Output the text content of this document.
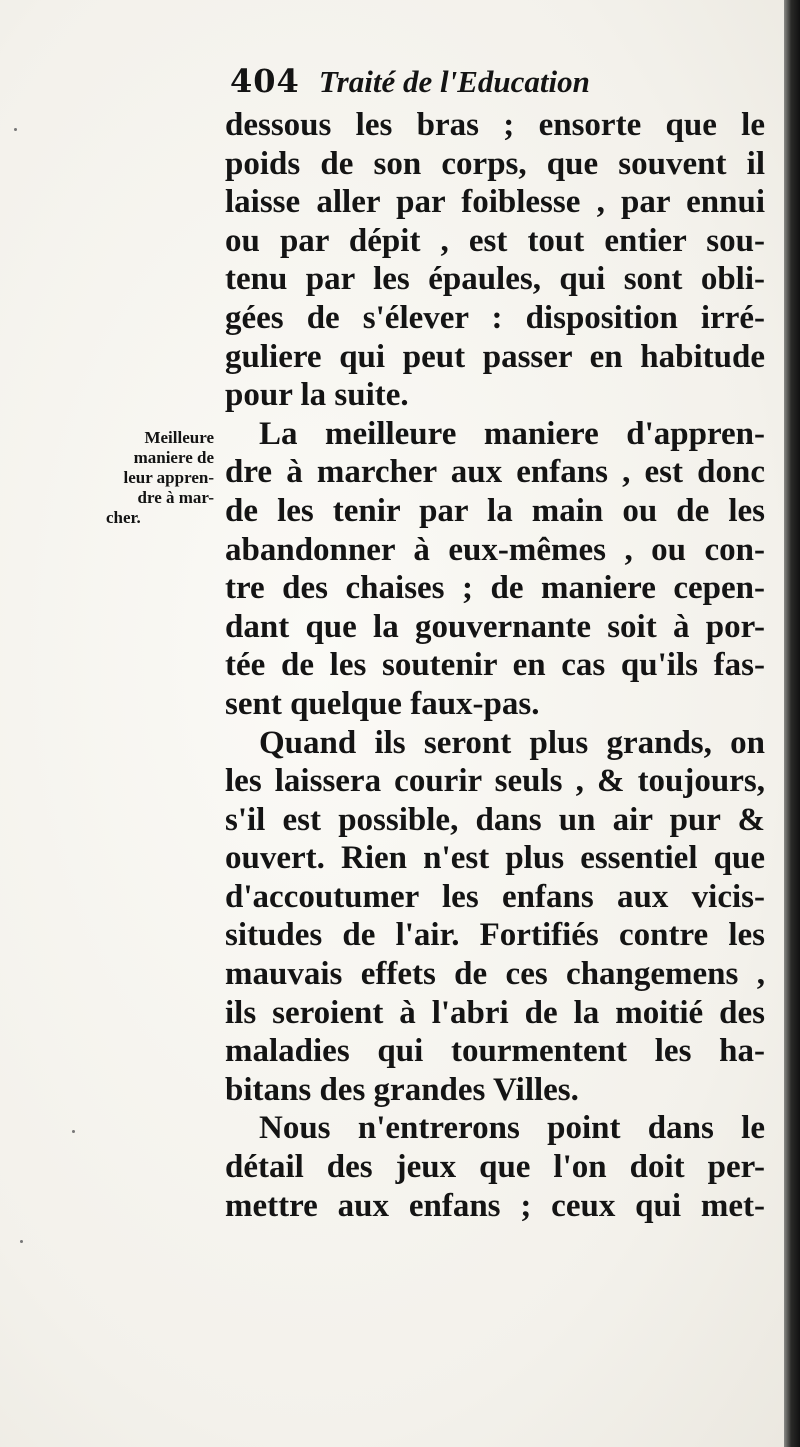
404 Traité de l'Education
Meilleure
maniere de
leur appren-
dre à mar-
cher.
dessous les bras ; ensorte que le
poids de son corps, que souvent il
laisse aller par foiblesse , par ennui
ou par dépit , est tout entier sou-
tenu par les épaules, qui sont obli-
gées de s'élever : disposition irré-
guliere qui peut passer en habitude
pour la suite.
La meilleure maniere d'appren-
dre à marcher aux enfans , est donc
de les tenir par la main ou de les
abandonner à eux-mêmes , ou con-
tre des chaises ; de maniere cepen-
dant que la gouvernante soit à por-
tée de les soutenir en cas qu'ils fas-
sent quelque faux-pas.
Quand ils seront plus grands, on
les laissera courir seuls , & toujours,
s'il est possible, dans un air pur &
ouvert. Rien n'est plus essentiel que
d'accoutumer les enfans aux vicis-
situdes de l'air. Fortifiés contre les
mauvais effets de ces changemens ,
ils seroient à l'abri de la moitié des
maladies qui tourmentent les ha-
bitans des grandes Villes.
Nous n'entrerons point dans le
détail des jeux que l'on doit per-
mettre aux enfans ; ceux qui met-
